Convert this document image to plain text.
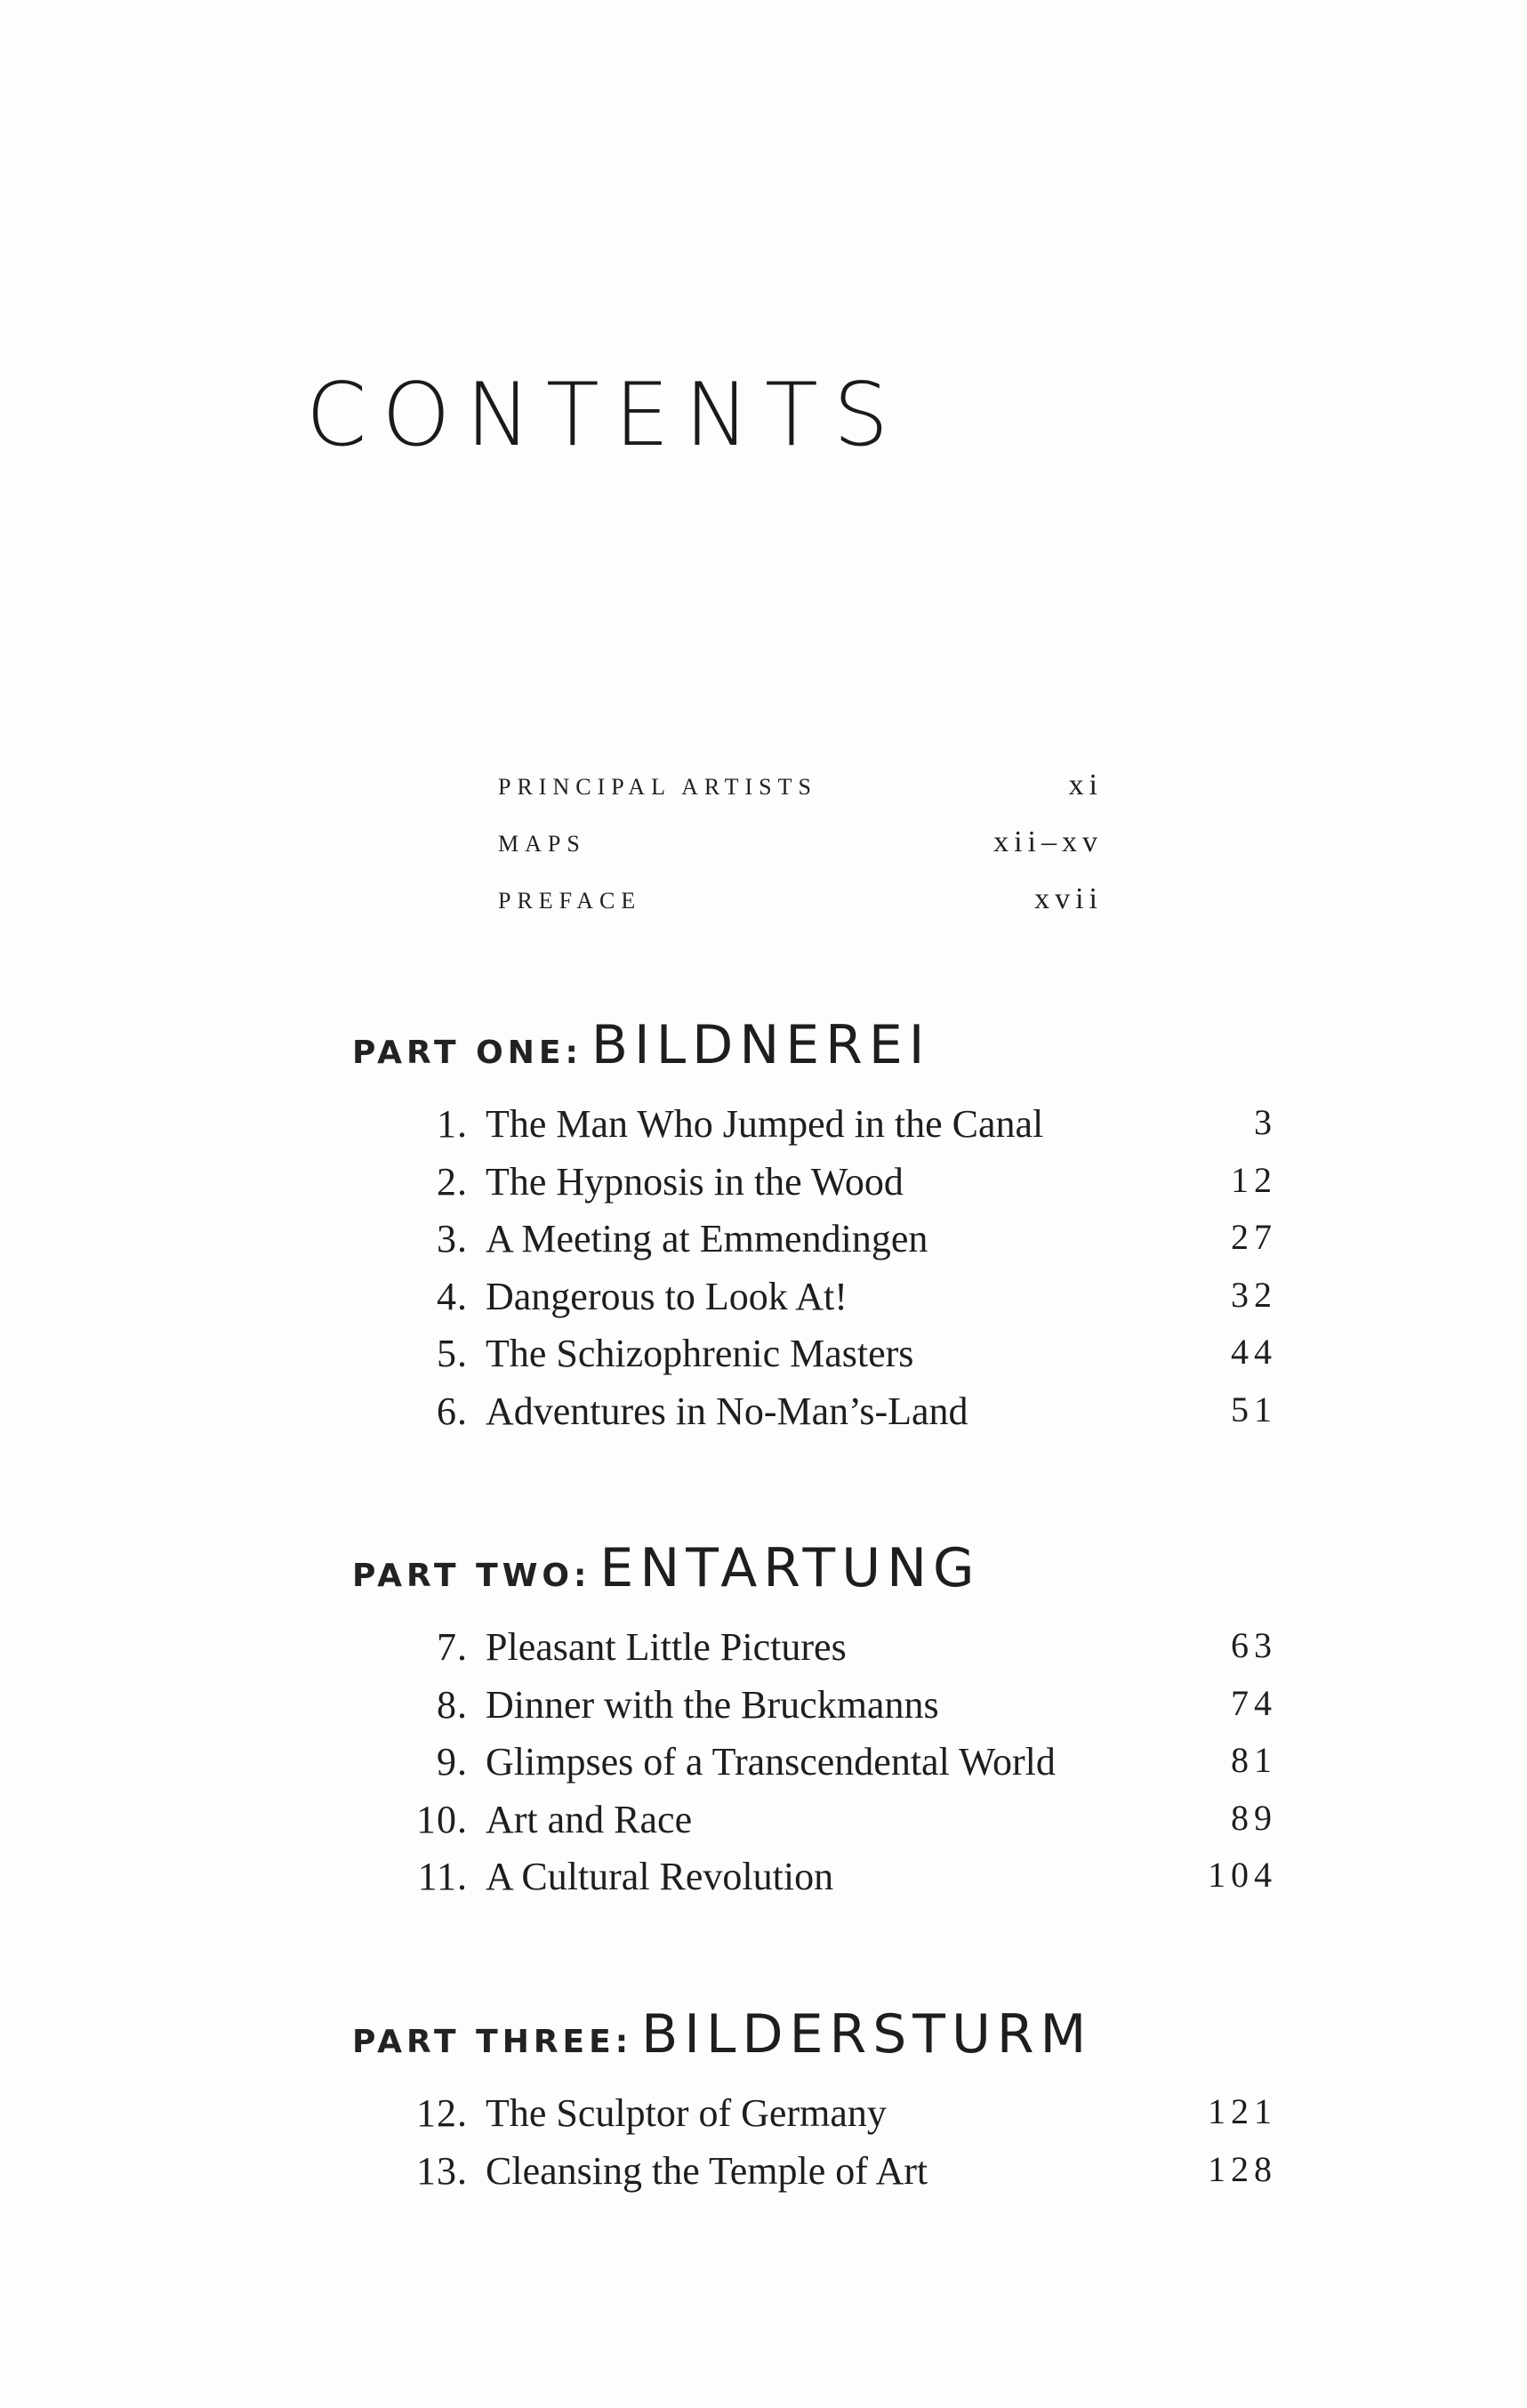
CONTENTS
PRINCIPAL ARTISTS	xi
MAPS	xii–xv
PREFACE	xvii
PART ONE: BILDNEREI
1. The Man Who Jumped in the Canal	3
2. The Hypnosis in the Wood	12
3. A Meeting at Emmendingen	27
4. Dangerous to Look At!	32
5. The Schizophrenic Masters	44
6. Adventures in No-Man’s-Land	51
PART TWO: ENTARTUNG
7. Pleasant Little Pictures	63
8. Dinner with the Bruckmanns	74
9. Glimpses of a Transcendental World	81
10. Art and Race	89
11. A Cultural Revolution	104
PART THREE: BILDERSTURM
12. The Sculptor of Germany	121
13. Cleansing the Temple of Art	128
